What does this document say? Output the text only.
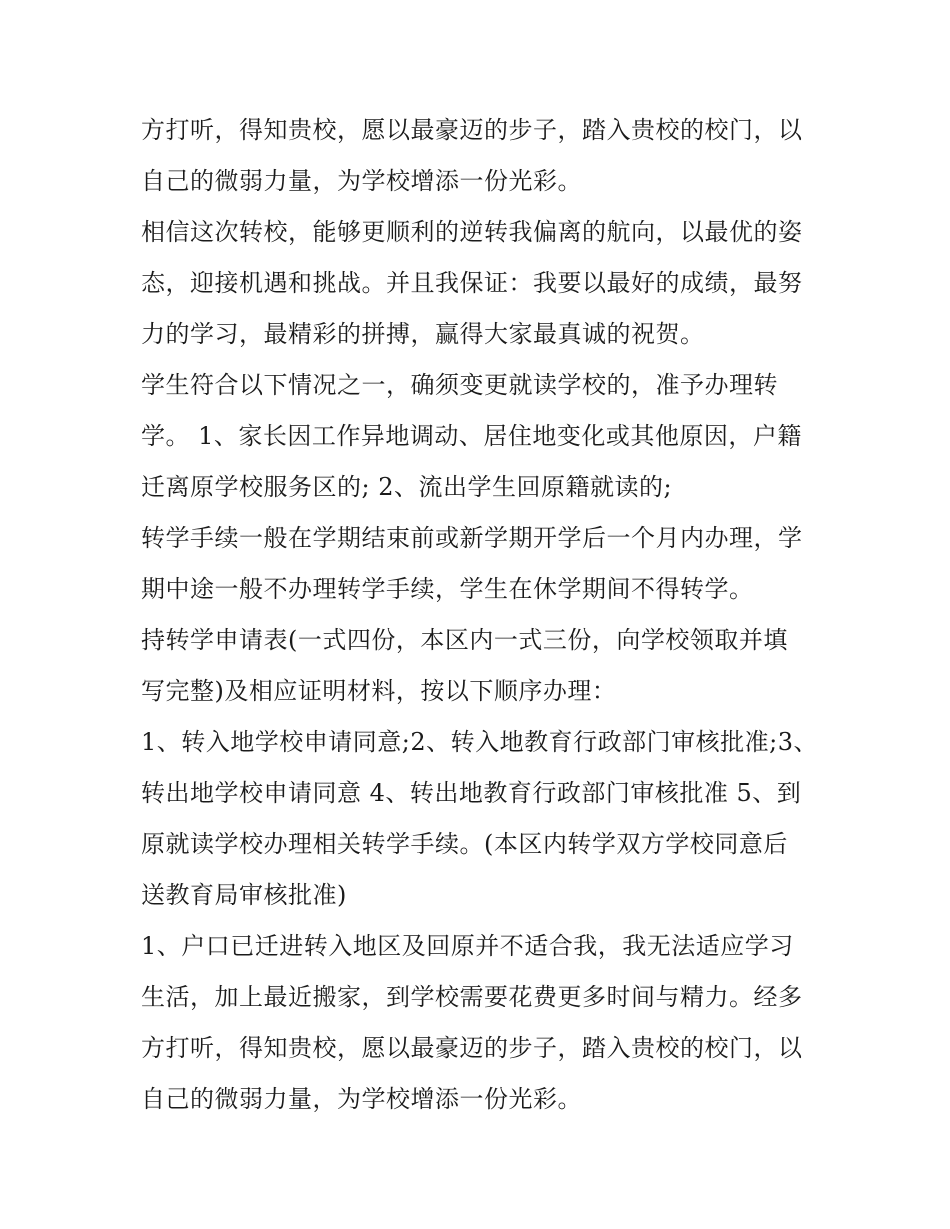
方打听，得知贵校，愿以最豪迈的步子，踏入贵校的校门，以
自己的微弱力量，为学校增添一份光彩。
相信这次转校，能够更顺利的逆转我偏离的航向，以最优的姿
态，迎接机遇和挑战。并且我保证：我要以最好的成绩，最努
力的学习，最精彩的拼搏，赢得大家最真诚的祝贺。
学生符合以下情况之一，确须变更就读学校的，准予办理转
学。 1、家长因工作异地调动、居住地变化或其他原因，户籍
迁离原学校服务区的; 2、流出学生回原籍就读的;
转学手续一般在学期结束前或新学期开学后一个月内办理，学
期中途一般不办理转学手续，学生在休学期间不得转学。
持转学申请表(一式四份，本区内一式三份，向学校领取并填
写完整)及相应证明材料，按以下顺序办理：
1、转入地学校申请同意;2、转入地教育行政部门审核批准;3、
转出地学校申请同意 4、转出地教育行政部门审核批准 5、到
原就读学校办理相关转学手续。(本区内转学双方学校同意后
送教育局审核批准)
1、户口已迁进转入地区及回原并不适合我，我无法适应学习
生活，加上最近搬家，到学校需要花费更多时间与精力。经多
方打听，得知贵校，愿以最豪迈的步子，踏入贵校的校门，以
自己的微弱力量，为学校增添一份光彩。
